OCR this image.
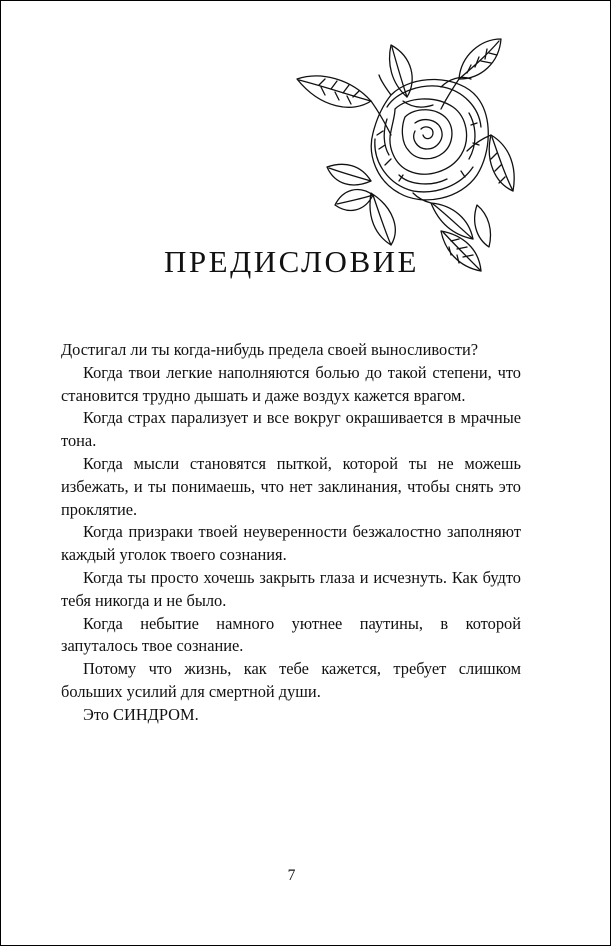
ПРЕДИСЛОВИЕ

Достигал ли ты когда-нибудь предела своей выносливости?

Когда твои легкие наполняются болью до такой степени, что становится трудно дышать и даже воздух кажется врагом.

Когда страх парализует и все вокруг окрашивается в мрачные тона.

Когда мысли становятся пыткой, которой ты не можешь избежать, и ты понимаешь, что нет заклинания, чтобы снять это проклятие.

Когда призраки твоей неуверенности безжалостно заполняют каждый уголок твоего сознания.

Когда ты просто хочешь закрыть глаза и исчезнуть. Как будто тебя никогда и не было.

Когда небытие намного уютнее паутины, в которой запуталось твое сознание.

Потому что жизнь, как тебе кажется, требует слишком больших усилий для смертной души.

Это СИНДРОМ.

7
